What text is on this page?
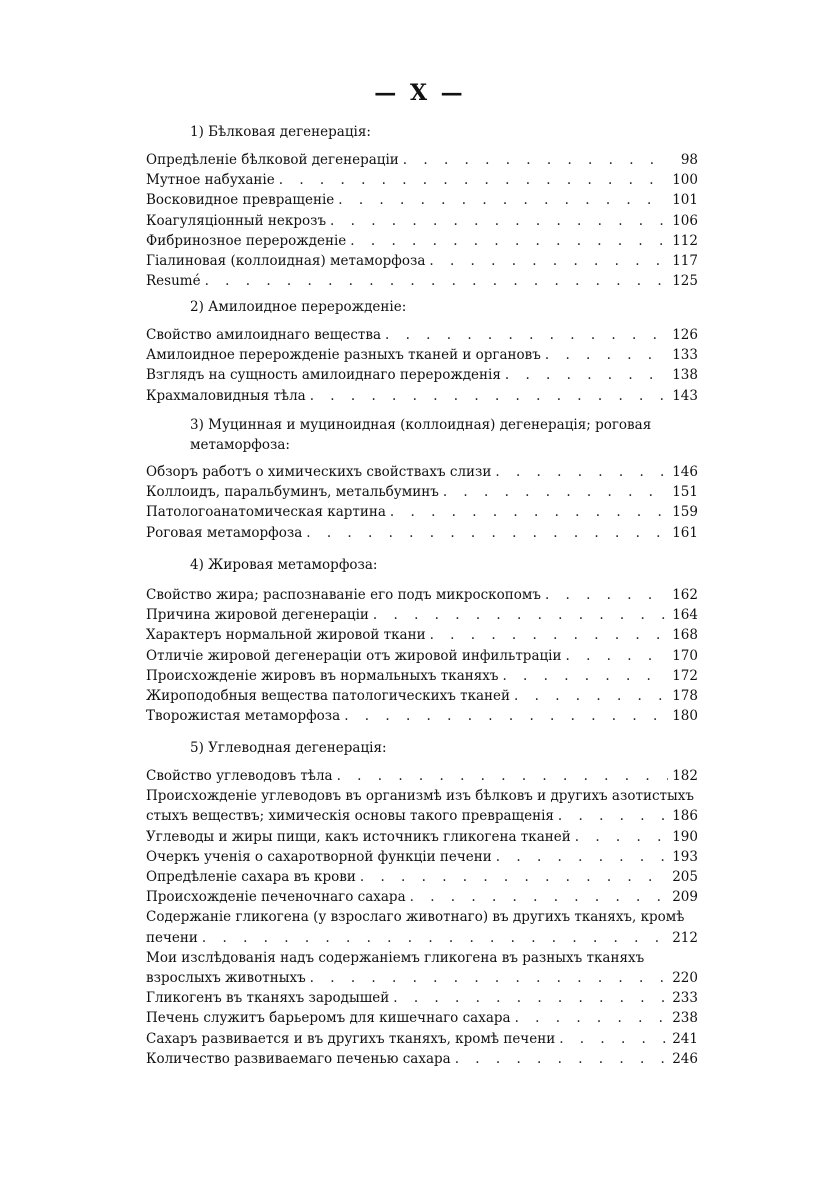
— X —
1) Бѣлковая дегенерація:
Опредѣленіе бѣлковой дегенераціи . . .	98
Мутное набуханіе . . .	100
Восковидное превращеніе . . .	101
Коагуляціонный некрозъ . . .	106
Фибринозное перерожденіе . . .	112
Гіалиновая (коллоидная) метаморфоза . . .	117
Resumé . . .	125
2) Амилоидное перерожденіе:
Свойство амилоиднаго вещества . . .	126
Амилоидное перерожденіе разныхъ тканей и органовъ . . .	133
Взглядъ на сущность амилоиднаго перерожденія . . .	138
Крахмаловидныя тѣла . . .	143
3) Муцинная и муциноидная (коллоидная) дегенерація; роговая метаморфоза:
Обзоръ работъ о химическихъ свойствахъ слизи . . .	146
Коллоидъ, паральбуминъ, метальбуминъ . . .	151
Патологоанатомическая картина . . .	159
Роговая метаморфоза . . .	161
4) Жировая метаморфоза:
Свойство жира; распознаваніе его подъ микроскопомъ . . .	162
Причина жировой дегенераціи . . .	164
Характеръ нормальной жировой ткани . . .	168
Отличіе жировой дегенераціи отъ жировой инфильтраціи . . .	170
Происхожденіе жировъ въ нормальныхъ тканяхъ . . .	172
Жироподобныя вещества патологическихъ тканей . . .	178
Творожистая метаморфоза . . .	180
5) Углеводная дегенерація:
Свойство углеводовъ тѣла . . .	182
Происхожденіе углеводовъ въ организмѣ изъ бѣлковъ и другихъ азотистыхъ
стыхъ веществъ; химическія основы такого превращенія . . .	186
Углеводы и жиры пищи, какъ источникъ гликогена тканей . . .	190
Очеркъ ученія о сахаротворной функціи печени . . .	193
Опредѣленіе сахара въ крови . . .	205
Происхожденіе печеночнаго сахара . . .	209
Содержаніе гликогена (у взрослаго животнаго) въ другихъ тканяхъ, кромѣ
печени . . .	212
Мои изслѣдованія надъ содержаніемъ гликогена въ разныхъ тканяхъ
взрослыхъ животныхъ . . .	220
Гликогенъ въ тканяхъ зародышей . . .	233
Печень служитъ барьеромъ для кишечнаго сахара . . .	238
Сахаръ развивается и въ другихъ тканяхъ, кромѣ печени . . .	241
Количество развиваемаго печенью сахара . . .	246
